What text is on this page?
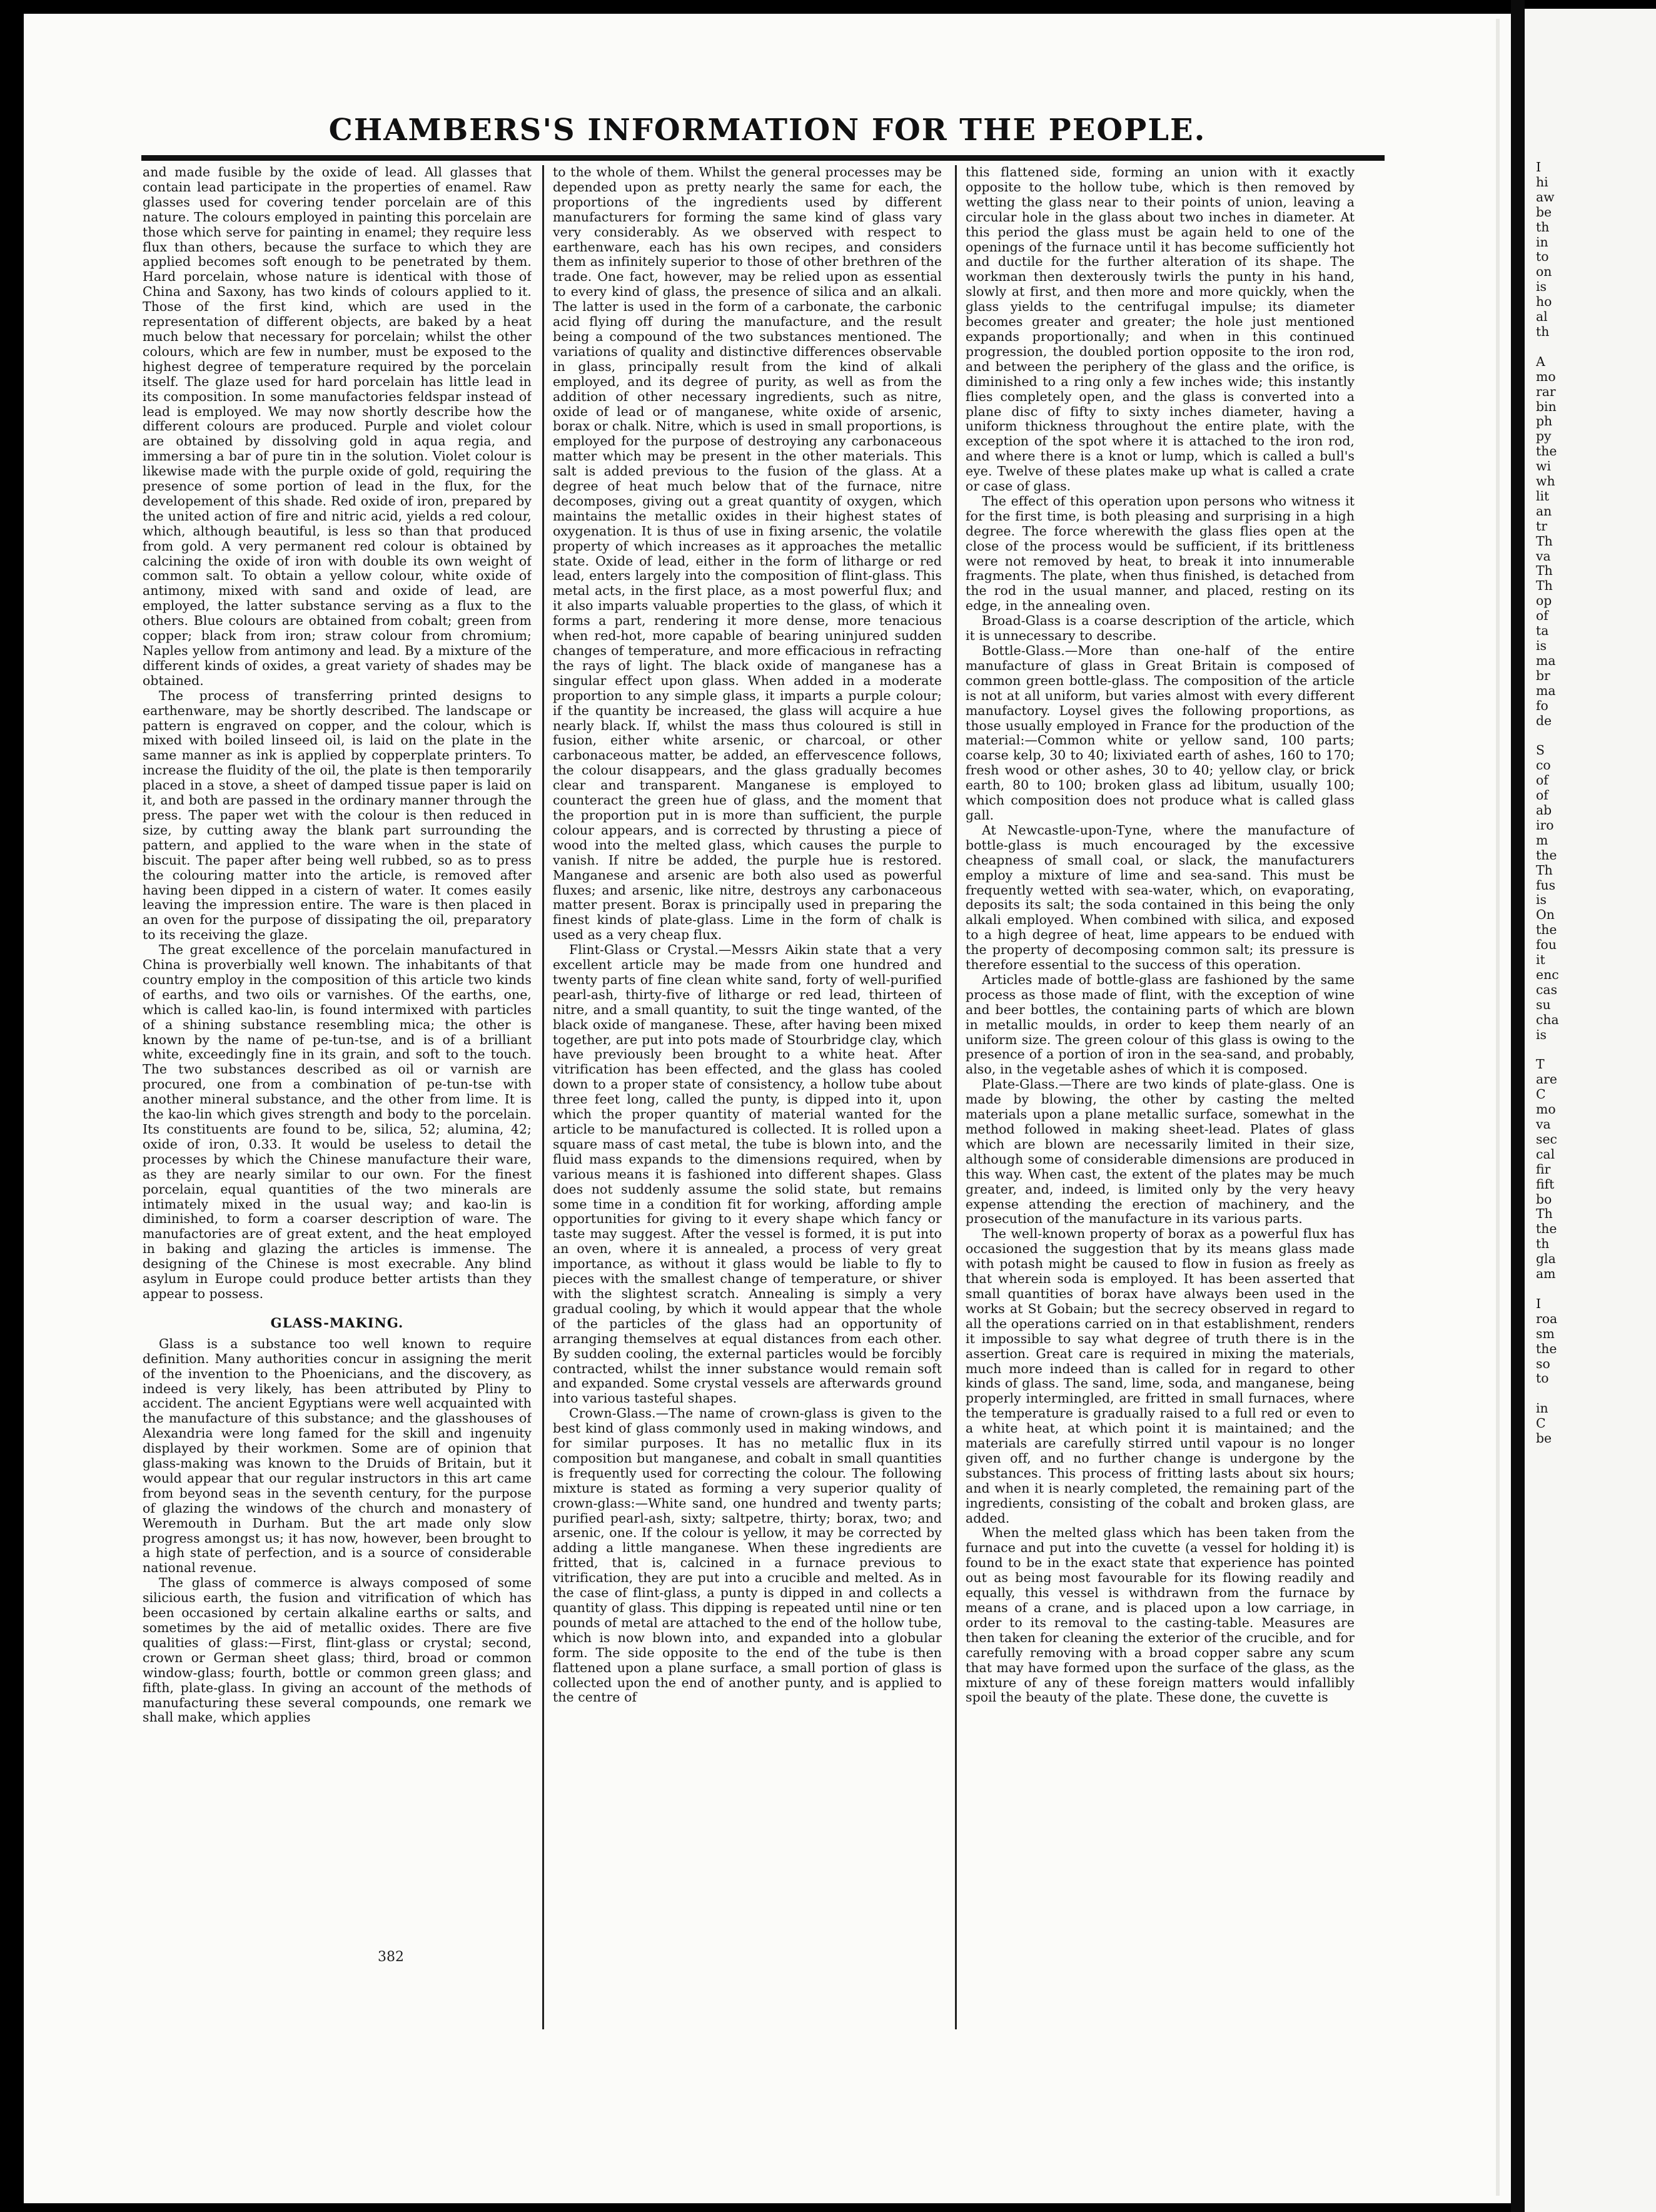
CHAMBERS'S INFORMATION FOR THE PEOPLE.

and made fusible by the oxide of lead. All glasses that contain lead participate in the properties of enamel. Raw glasses used for covering tender porcelain are of this nature. The colours employed in painting this porcelain are those which serve for painting in enamel; they require less flux than others, because the surface to which they are applied becomes soft enough to be penetrated by them. Hard porcelain, whose nature is identical with those of China and Saxony, has two kinds of colours applied to it. Those of the first kind, which are used in the representation of different objects, are baked by a heat much below that necessary for porcelain; whilst the other colours, which are few in number, must be exposed to the highest degree of temperature required by the porcelain itself. The glaze used for hard porcelain has little lead in its composition. In some manufactories feldspar instead of lead is employed. We may now shortly describe how the different colours are produced. Purple and violet colour are obtained by dissolving gold in aqua regia, and immersing a bar of pure tin in the solution. Violet colour is likewise made with the purple oxide of gold, requiring the presence of some portion of lead in the flux, for the developement of this shade. Red oxide of iron, prepared by the united action of fire and nitric acid, yields a red colour, which, although beautiful, is less so than that produced from gold. A very permanent red colour is obtained by calcining the oxide of iron with double its own weight of common salt. To obtain a yellow colour, white oxide of antimony, mixed with sand and oxide of lead, are employed, the latter substance serving as a flux to the others. Blue colours are obtained from cobalt; green from copper; black from iron; straw colour from chromium; Naples yellow from antimony and lead. By a mixture of the different kinds of oxides, a great variety of shades may be obtained.

The process of transferring printed designs to earthenware, may be shortly described. The landscape or pattern is engraved on copper, and the colour, which is mixed with boiled linseed oil, is laid on the plate in the same manner as ink is applied by copperplate printers. To increase the fluidity of the oil, the plate is then temporarily placed in a stove, a sheet of damped tissue paper is laid on it, and both are passed in the ordinary manner through the press. The paper wet with the colour is then reduced in size, by cutting away the blank part surrounding the pattern, and applied to the ware when in the state of biscuit. The paper after being well rubbed, so as to press the colouring matter into the article, is removed after having been dipped in a cistern of water. It comes easily leaving the impression entire. The ware is then placed in an oven for the purpose of dissipating the oil, preparatory to its receiving the glaze.

The great excellence of the porcelain manufactured in China is proverbially well known. The inhabitants of that country employ in the composition of this article two kinds of earths, and two oils or varnishes. Of the earths, one, which is called kao-lin, is found intermixed with particles of a shining substance resembling mica; the other is known by the name of pe-tun-tse, and is of a brilliant white, exceedingly fine in its grain, and soft to the touch. The two substances described as oil or varnish are procured, one from a combination of pe-tun-tse with another mineral substance, and the other from lime. It is the kao-lin which gives strength and body to the porcelain. Its constituents are found to be, silica, 52; alumina, 42; oxide of iron, 0.33. It would be useless to detail the processes by which the Chinese manufacture their ware, as they are nearly similar to our own. For the finest porcelain, equal quantities of the two minerals are intimately mixed in the usual way; and kao-lin is diminished, to form a coarser description of ware. The manufactories are of great extent, and the heat employed in baking and glazing the articles is immense. The designing of the Chinese is most execrable. Any blind asylum in Europe could produce better artists than they appear to possess.

GLASS-MAKING.

Glass is a substance too well known to require definition. Many authorities concur in assigning the merit of the invention to the Phoenicians, and the discovery, as indeed is very likely, has been attributed by Pliny to accident. The ancient Egyptians were well acquainted with the manufacture of this substance; and the glasshouses of Alexandria were long famed for the skill and ingenuity displayed by their workmen. Some are of opinion that glass-making was known to the Druids of Britain, but it would appear that our regular instructors in this art came from beyond seas in the seventh century, for the purpose of glazing the windows of the church and monastery of Weremouth in Durham. But the art made only slow progress amongst us; it has now, however, been brought to a high state of perfection, and is a source of considerable national revenue.

The glass of commerce is always composed of some silicious earth, the fusion and vitrification of which has been occasioned by certain alkaline earths or salts, and sometimes by the aid of metallic oxides. There are five qualities of glass:—First, flint-glass or crystal; second, crown or German sheet glass; third, broad or common window-glass; fourth, bottle or common green glass; and fifth, plate-glass. In giving an account of the methods of manufacturing these several compounds, one remark we shall make, which applies

to the whole of them. Whilst the general processes may be depended upon as pretty nearly the same for each, the proportions of the ingredients used by different manufacturers for forming the same kind of glass vary very considerably. As we observed with respect to earthenware, each has his own recipes, and considers them as infinitely superior to those of other brethren of the trade. One fact, however, may be relied upon as essential to every kind of glass, the presence of silica and an alkali. The latter is used in the form of a carbonate, the carbonic acid flying off during the manufacture, and the result being a compound of the two substances mentioned. The variations of quality and distinctive differences observable in glass, principally result from the kind of alkali employed, and its degree of purity, as well as from the addition of other necessary ingredients, such as nitre, oxide of lead or of manganese, white oxide of arsenic, borax or chalk. Nitre, which is used in small proportions, is employed for the purpose of destroying any carbonaceous matter which may be present in the other materials. This salt is added previous to the fusion of the glass. At a degree of heat much below that of the furnace, nitre decomposes, giving out a great quantity of oxygen, which maintains the metallic oxides in their highest states of oxygenation. It is thus of use in fixing arsenic, the volatile property of which increases as it approaches the metallic state. Oxide of lead, either in the form of litharge or red lead, enters largely into the composition of flint-glass. This metal acts, in the first place, as a most powerful flux; and it also imparts valuable properties to the glass, of which it forms a part, rendering it more dense, more tenacious when red-hot, more capable of bearing uninjured sudden changes of temperature, and more efficacious in refracting the rays of light. The black oxide of manganese has a singular effect upon glass. When added in a moderate proportion to any simple glass, it imparts a purple colour; if the quantity be increased, the glass will acquire a hue nearly black. If, whilst the mass thus coloured is still in fusion, either white arsenic, or charcoal, or other carbonaceous matter, be added, an effervescence follows, the colour disappears, and the glass gradually becomes clear and transparent. Manganese is employed to counteract the green hue of glass, and the moment that the proportion put in is more than sufficient, the purple colour appears, and is corrected by thrusting a piece of wood into the melted glass, which causes the purple to vanish. If nitre be added, the purple hue is restored. Manganese and arsenic are both also used as powerful fluxes; and arsenic, like nitre, destroys any carbonaceous matter present. Borax is principally used in preparing the finest kinds of plate-glass. Lime in the form of chalk is used as a very cheap flux.

Flint-Glass or Crystal.—Messrs Aikin state that a very excellent article may be made from one hundred and twenty parts of fine clean white sand, forty of well-purified pearl-ash, thirty-five of litharge or red lead, thirteen of nitre, and a small quantity, to suit the tinge wanted, of the black oxide of manganese. These, after having been mixed together, are put into pots made of Stourbridge clay, which have previously been brought to a white heat. After vitrification has been effected, and the glass has cooled down to a proper state of consistency, a hollow tube about three feet long, called the punty, is dipped into it, upon which the proper quantity of material wanted for the article to be manufactured is collected. It is rolled upon a square mass of cast metal, the tube is blown into, and the fluid mass expands to the dimensions required, when by various means it is fashioned into different shapes. Glass does not suddenly assume the solid state, but remains some time in a condition fit for working, affording ample opportunities for giving to it every shape which fancy or taste may suggest. After the vessel is formed, it is put into an oven, where it is annealed, a process of very great importance, as without it glass would be liable to fly to pieces with the smallest change of temperature, or shiver with the slightest scratch. Annealing is simply a very gradual cooling, by which it would appear that the whole of the particles of the glass had an opportunity of arranging themselves at equal distances from each other. By sudden cooling, the external particles would be forcibly contracted, whilst the inner substance would remain soft and expanded. Some crystal vessels are afterwards ground into various tasteful shapes.

Crown-Glass.—The name of crown-glass is given to the best kind of glass commonly used in making windows, and for similar purposes. It has no metallic flux in its composition but manganese, and cobalt in small quantities is frequently used for correcting the colour. The following mixture is stated as forming a very superior quality of crown-glass:—White sand, one hundred and twenty parts; purified pearl-ash, sixty; saltpetre, thirty; borax, two; and arsenic, one. If the colour is yellow, it may be corrected by adding a little manganese. When these ingredients are fritted, that is, calcined in a furnace previous to vitrification, they are put into a crucible and melted. As in the case of flint-glass, a punty is dipped in and collects a quantity of glass. This dipping is repeated until nine or ten pounds of metal are attached to the end of the hollow tube, which is now blown into, and expanded into a globular form. The side opposite to the end of the tube is then flattened upon a plane surface, a small portion of glass is collected upon the end of another punty, and is applied to the centre of

this flattened side, forming an union with it exactly opposite to the hollow tube, which is then removed by wetting the glass near to their points of union, leaving a circular hole in the glass about two inches in diameter. At this period the glass must be again held to one of the openings of the furnace until it has become sufficiently hot and ductile for the further alteration of its shape. The workman then dexterously twirls the punty in his hand, slowly at first, and then more and more quickly, when the glass yields to the centrifugal impulse; its diameter becomes greater and greater; the hole just mentioned expands proportionally; and when in this continued progression, the doubled portion opposite to the iron rod, and between the periphery of the glass and the orifice, is diminished to a ring only a few inches wide; this instantly flies completely open, and the glass is converted into a plane disc of fifty to sixty inches diameter, having a uniform thickness throughout the entire plate, with the exception of the spot where it is attached to the iron rod, and where there is a knot or lump, which is called a bull's eye. Twelve of these plates make up what is called a crate or case of glass.

The effect of this operation upon persons who witness it for the first time, is both pleasing and surprising in a high degree. The force wherewith the glass flies open at the close of the process would be sufficient, if its brittleness were not removed by heat, to break it into innumerable fragments. The plate, when thus finished, is detached from the rod in the usual manner, and placed, resting on its edge, in the annealing oven.

Broad-Glass is a coarse description of the article, which it is unnecessary to describe.

Bottle-Glass.—More than one-half of the entire manufacture of glass in Great Britain is composed of common green bottle-glass. The composition of the article is not at all uniform, but varies almost with every different manufactory. Loysel gives the following proportions, as those usually employed in France for the production of the material:—Common white or yellow sand, 100 parts; coarse kelp, 30 to 40; lixiviated earth of ashes, 160 to 170; fresh wood or other ashes, 30 to 40; yellow clay, or brick earth, 80 to 100; broken glass ad libitum, usually 100; which composition does not produce what is called glass gall.

At Newcastle-upon-Tyne, where the manufacture of bottle-glass is much encouraged by the excessive cheapness of small coal, or slack, the manufacturers employ a mixture of lime and sea-sand. This must be frequently wetted with sea-water, which, on evaporating, deposits its salt; the soda contained in this being the only alkali employed. When combined with silica, and exposed to a high degree of heat, lime appears to be endued with the property of decomposing common salt; its pressure is therefore essential to the success of this operation.

Articles made of bottle-glass are fashioned by the same process as those made of flint, with the exception of wine and beer bottles, the containing parts of which are blown in metallic moulds, in order to keep them nearly of an uniform size. The green colour of this glass is owing to the presence of a portion of iron in the sea-sand, and probably, also, in the vegetable ashes of which it is composed.

Plate-Glass.—There are two kinds of plate-glass. One is made by blowing, the other by casting the melted materials upon a plane metallic surface, somewhat in the method followed in making sheet-lead. Plates of glass which are blown are necessarily limited in their size, although some of considerable dimensions are produced in this way. When cast, the extent of the plates may be much greater, and, indeed, is limited only by the very heavy expense attending the erection of machinery, and the prosecution of the manufacture in its various parts.

The well-known property of borax as a powerful flux has occasioned the suggestion that by its means glass made with potash might be caused to flow in fusion as freely as that wherein soda is employed. It has been asserted that small quantities of borax have always been used in the works at St Gobain; but the secrecy observed in regard to all the operations carried on in that establishment, renders it impossible to say what degree of truth there is in the assertion. Great care is required in mixing the materials, much more indeed than is called for in regard to other kinds of glass. The sand, lime, soda, and manganese, being properly intermingled, are fritted in small furnaces, where the temperature is gradually raised to a full red or even to a white heat, at which point it is maintained; and the materials are carefully stirred until vapour is no longer given off, and no further change is undergone by the substances. This process of fritting lasts about six hours; and when it is nearly completed, the remaining part of the ingredients, consisting of the cobalt and broken glass, are added.

When the melted glass which has been taken from the furnace and put into the cuvette (a vessel for holding it) is found to be in the exact state that experience has pointed out as being most favourable for its flowing readily and equally, this vessel is withdrawn from the furnace by means of a crane, and is placed upon a low carriage, in order to its removal to the casting-table. Measures are then taken for cleaning the exterior of the crucible, and for carefully removing with a broad copper sabre any scum that may have formed upon the surface of the glass, as the mixture of any of these foreign matters would infallibly spoil the beauty of the plate. These done, the cuvette is

382
I
hi
aw
be
th
in
to
on
is
ho
al
th

A
mo
rar
bin
ph
py
the
wi
wh
lit
an
tr
Th
va
Th
Th
op
of
ta
is
ma
br
ma
fo
de

S
co
of
of
ab
iro
m
the
Th
fus
is
On
the
fou
it
enc
cas
su
cha
is

T
are
C
mo
va
sec
cal
fir
fift
bo
Th
the
th
gla
am

I
roa
sm
the
so
to

in
C
be
